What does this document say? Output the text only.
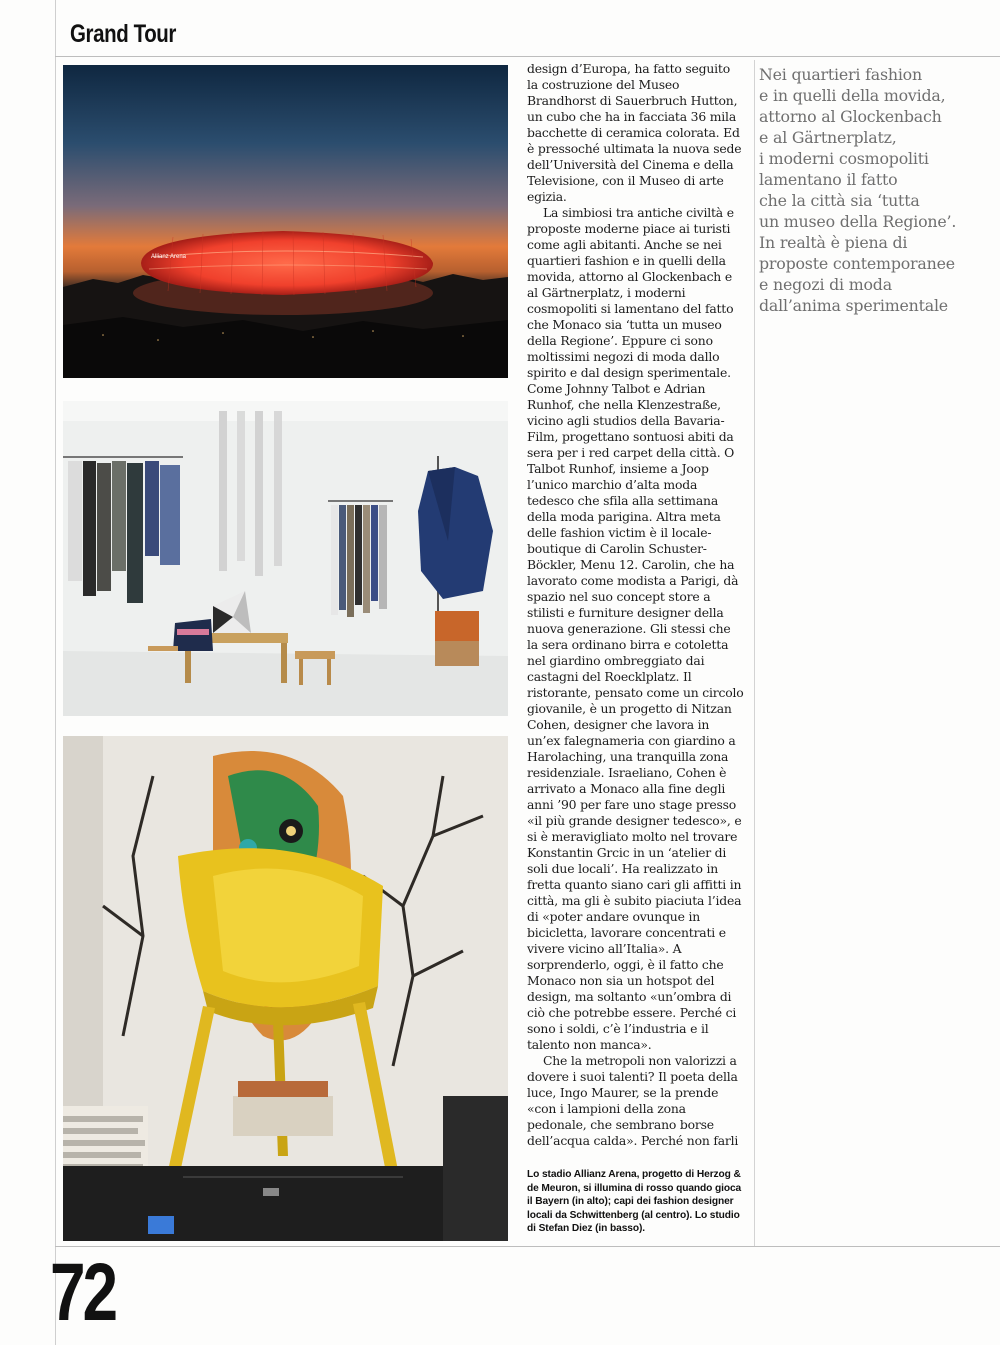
Grand Tour
Allianz Arena

design d’Europa, ha fatto seguito la costruzione del Museo Brandhorst di Sauerbruch Hutton, un cubo che ha in facciata 36 mila bacchette di ceramica colorata. Ed è pressoché ultimata la nuova sede dell’Università del Cinema e della Televisione, con il Museo di arte egizia.

La simbiosi tra antiche civiltà e proposte moderne piace ai turisti come agli abitanti. Anche se nei quartieri fashion e in quelli della movida, attorno al Glockenbach e al Gärtnerplatz, i moderni cosmopoliti si lamentano del fatto che Monaco sia ‘tutta un museo della Regione’. Eppure ci sono moltissimi negozi di moda dallo spirito e dal design sperimentale. Come Johnny Talbot e Adrian Runhof, che nella Klenzestraße, vicino agli studios della Bavaria-Film, progettano sontuosi abiti da sera per i red carpet della città. O Talbot Runhof, insieme a Joop l’unico marchio d’alta moda tedesco che sfila alla settimana della moda parigina. Altra meta delle fashion victim è il locale-boutique di Carolin Schuster-Böckler, Menu 12. Carolin, che ha lavorato come modista a Parigi, dà spazio nel suo concept store a stilisti e furniture designer della nuova generazione. Gli stessi che la sera ordinano birra e cotoletta nel giardino ombreggiato dai castagni del Roecklplatz. Il ristorante, pensato come un circolo giovanile, è un progetto di Nitzan Cohen, designer che lavora in un’ex falegnameria con giardino a Harolaching, una tranquilla zona residenziale. Israeliano, Cohen è arrivato a Monaco alla fine degli anni ’90 per fare uno stage presso «il più grande designer tedesco», e si è meravigliato molto nel trovare Konstantin Grcic in un ‘atelier di soli due locali’. Ha realizzato in fretta quanto siano cari gli affitti in città, ma gli è subito piaciuta l’idea di «poter andare ovunque in bicicletta, lavorare concentrati e vivere vicino all’Italia». A sorprenderlo, oggi, è il fatto che Monaco non sia un hotspot del design, ma soltanto «un’ombra di ciò che potrebbe essere. Perché ci sono i soldi, c’è l’industria e il talento non manca».

Che la metropoli non valorizzi a dovere i suoi talenti? Il poeta della luce, Ingo Maurer, se la prende «con i lampioni della zona pedonale, che sembrano borse dell’acqua calda». Perché non farli

Lo stadio Allianz Arena, progetto di Herzog & de Meuron, si illumina di rosso quando gioca il Bayern (in alto); capi dei fashion designer locali da Schwittenberg (al centro). Lo studio di Stefan Diez (in basso).
Nei quartieri fashion
e in quelli della movida,
attorno al Glockenbach
e al Gärtnerplatz,
i moderni cosmopoliti
lamentano il fatto
che la città sia ‘tutta
un museo della Regione’.
In realtà è piena di
proposte contemporanee
e negozi di moda
dall’anima sperimentale
72
